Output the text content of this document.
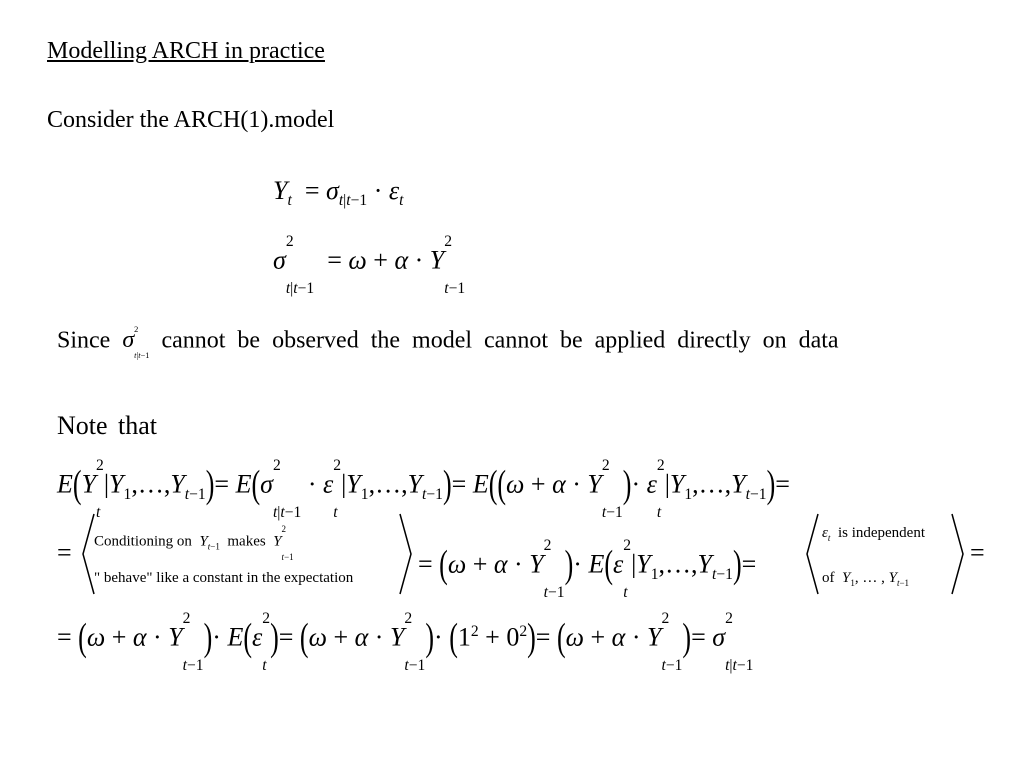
Modelling ARCH in practice
Consider the ARCH(1).model
$Y_t = \sigma_{t|t-1} \cdot \varepsilon_t$
$\sigma^2$
$_{t|t-1} = \omega + \alpha \cdot Y^2$
$_{t-1}$
Since $\sigma^2$
$_{t|t-1}$ cannot be observed the model cannot be applied directly on data
Note that
$E(Y^2$
$_t|Y_1,\dots,Y_{t-1})= E(\sigma^2$
$_{t|t-1} \cdot \varepsilon^2$
$_t|Y_1,\dots,Y_{t-1})= E((\omega + \alpha \cdot Y^2$
$_{t-1})\cdot \varepsilon^2$
$_t|Y_1,\dots,Y_{t-1})=$
= Conditioning on $Y_{t-1}$ makes $Y^2$
$_{t-1}$
" behave" like a constant in the expectation = ($\omega + \alpha \cdot Y^2$
$_{t-1})\cdot E(\varepsilon^2$
$_t|Y_1,\dots,Y_{t-1})=$
$\varepsilon_t$ is independent
of $Y_1$, … , $Y_{t-1}$
=
= ($\omega + \alpha \cdot Y^2$
$_{t-1})\cdot E(\varepsilon^2$
$_t)= (\omega + \alpha \cdot Y^2$
$_{t-1})\cdot (1^2 + 0^2)= (\omega + \alpha \cdot Y^2$
$_{t-1})= \sigma^2$
$_{t|t-1}$
